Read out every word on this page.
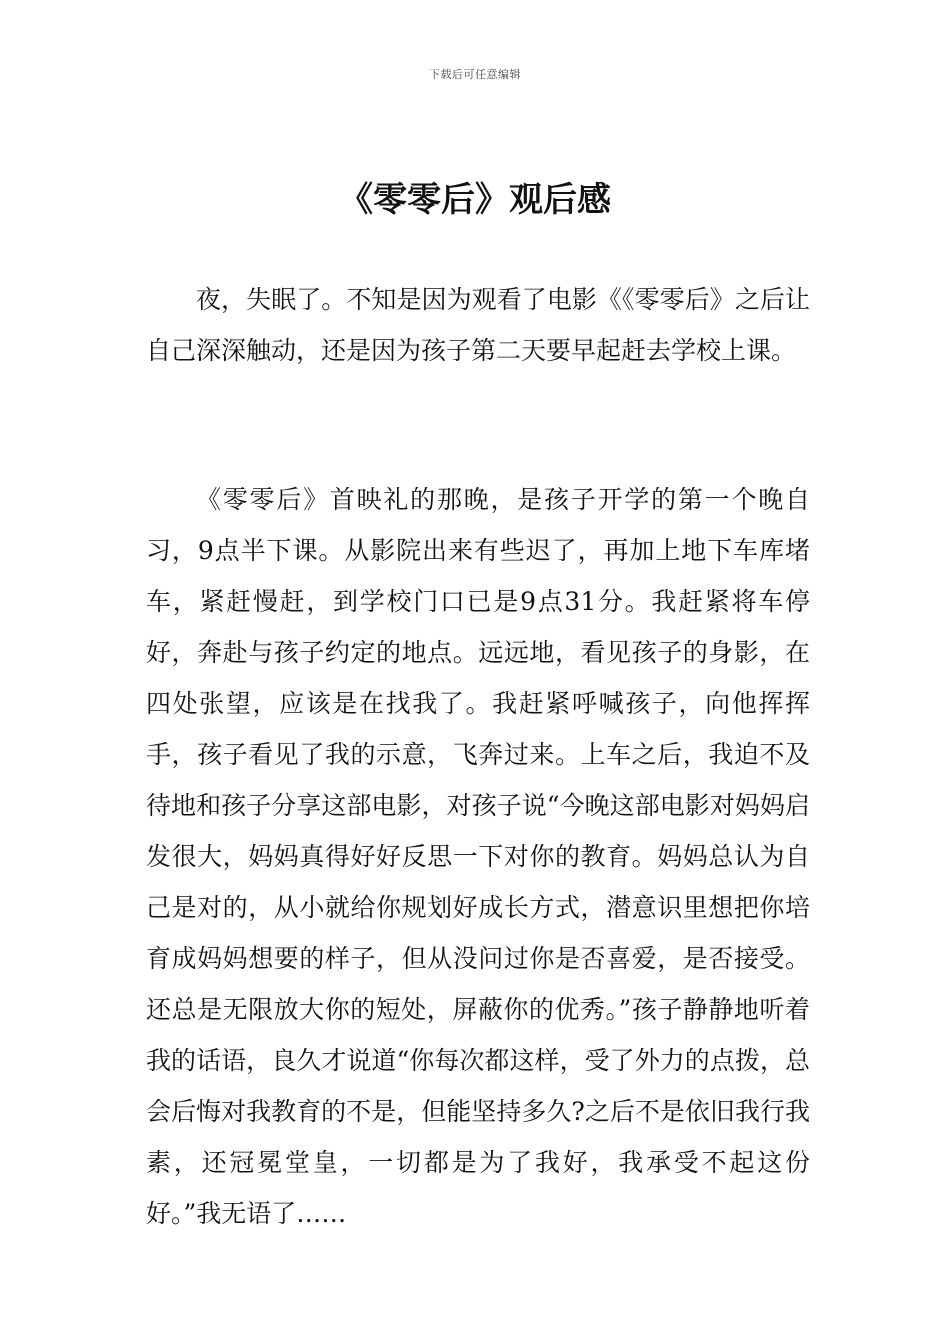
下载后可任意编辑
《零零后》观后感

夜，失眠了。不知是因为观看了电影《《零零后》之后让自己深深触动，还是因为孩子第二天要早起赶去学校上课。

《零零后》首映礼的那晚，是孩子开学的第一个晚自习，9点半下课。从影院出来有些迟了，再加上地下车库堵车，紧赶慢赶，到学校门口已是9点31分。我赶紧将车停好，奔赴与孩子约定的地点。远远地，看见孩子的身影，在四处张望，应该是在找我了。我赶紧呼喊孩子，向他挥挥手，孩子看见了我的示意，飞奔过来。上车之后，我迫不及待地和孩子分享这部电影，对孩子说“今晚这部电影对妈妈启发很大，妈妈真得好好反思一下对你的教育。妈妈总认为自己是对的，从小就给你规划好成长方式，潜意识里想把你培育成妈妈想要的样子，但从没问过你是否喜爱，是否接受。还总是无限放大你的短处，屏蔽你的优秀。”孩子静静地听着我的话语，良久才说道“你每次都这样，受了外力的点拨，总会后悔对我教育的不是，但能坚持多久?之后不是依旧我行我素，还冠冕堂皇，一切都是为了我好，我承受不起这份好。”我无语了……
